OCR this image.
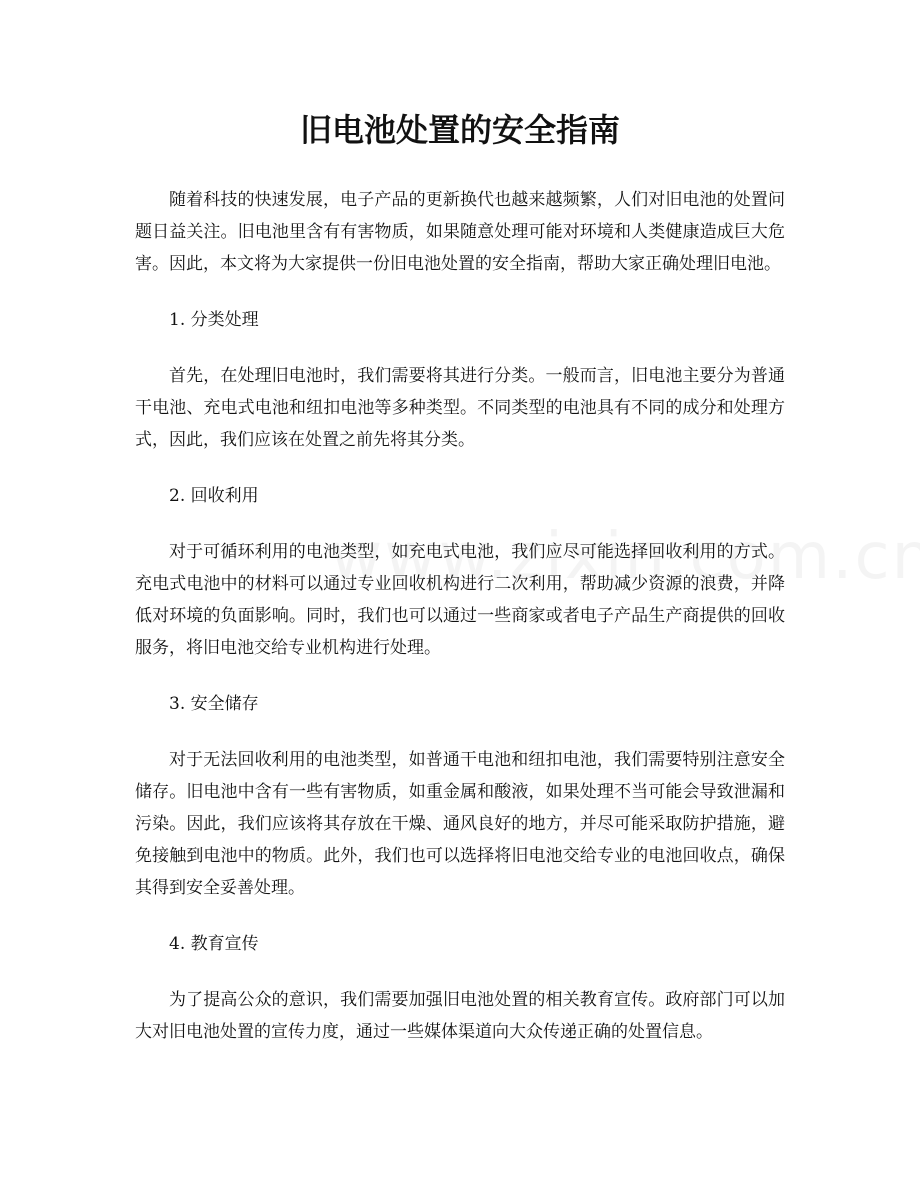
旧电池处置的安全指南

随着科技的快速发展，电子产品的更新换代也越来越频繁，人们对旧电池的处置问题日益关注。旧电池里含有有害物质，如果随意处理可能对环境和人类健康造成巨大危害。因此，本文将为大家提供一份旧电池处置的安全指南，帮助大家正确处理旧电池。

1. 分类处理

首先，在处理旧电池时，我们需要将其进行分类。一般而言，旧电池主要分为普通干电池、充电式电池和纽扣电池等多种类型。不同类型的电池具有不同的成分和处理方式，因此，我们应该在处置之前先将其分类。

2. 回收利用

对于可循环利用的电池类型，如充电式电池，我们应尽可能选择回收利用的方式。充电式电池中的材料可以通过专业回收机构进行二次利用，帮助减少资源的浪费，并降低对环境的负面影响。同时，我们也可以通过一些商家或者电子产品生产商提供的回收服务，将旧电池交给专业机构进行处理。

3. 安全储存

对于无法回收利用的电池类型，如普通干电池和纽扣电池，我们需要特别注意安全储存。旧电池中含有一些有害物质，如重金属和酸液，如果处理不当可能会导致泄漏和污染。因此，我们应该将其存放在干燥、通风良好的地方，并尽可能采取防护措施，避免接触到电池中的物质。此外，我们也可以选择将旧电池交给专业的电池回收点，确保其得到安全妥善处理。

4. 教育宣传

为了提高公众的意识，我们需要加强旧电池处置的相关教育宣传。政府部门可以加大对旧电池处置的宣传力度，通过一些媒体渠道向大众传递正确的处置信息。
